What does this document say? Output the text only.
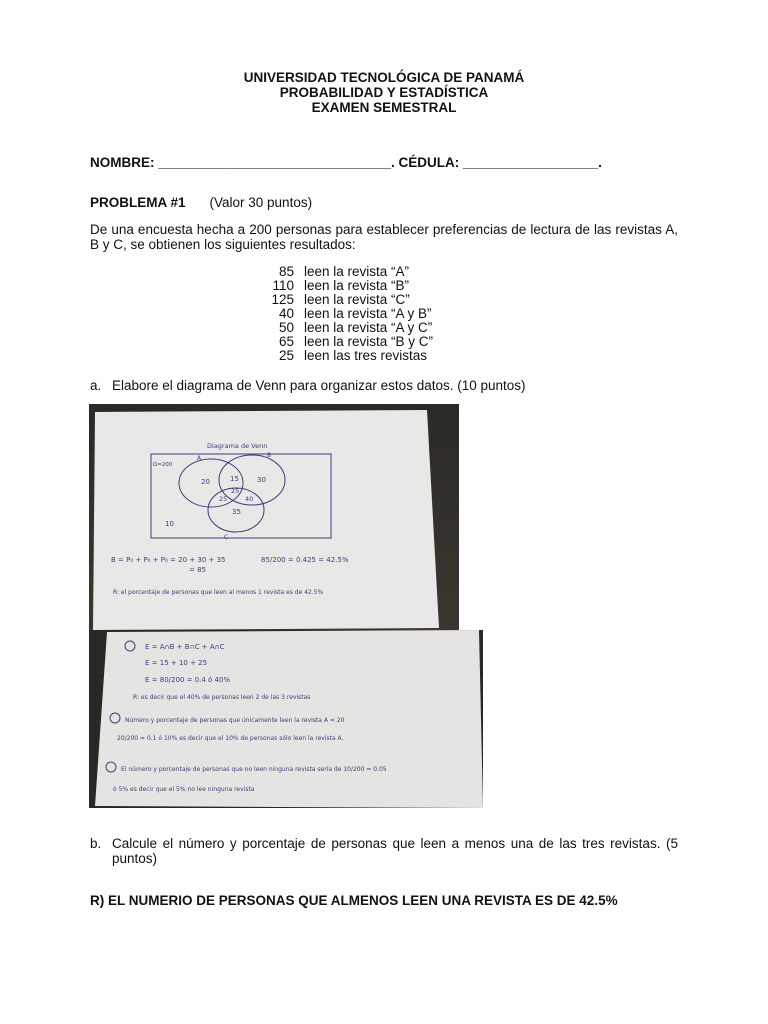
UNIVERSIDAD TECNOLÓGICA DE PANAMÁ
PROBABILIDAD Y ESTADÍSTICA
EXAMEN SEMESTRAL
NOMBRE: _______________________________. CÉDULA: __________________.
PROBLEMA #1 (Valor 30 puntos)
De una encuesta hecha a 200 personas para establecer preferencias de lectura de las revistas A, B y C, se obtienen los siguientes resultados:
85 leen la revista “A”
110 leen la revista “B”
125 leen la revista “C”
40 leen la revista “A y B”
50 leen la revista “A y C”
65 leen la revista “B y C”
25 leen las tres revistas
a. Elabore el diagrama de Venn para organizar estos datos. (10 puntos)
Diagrama de Venn
Ω=200
A	B
C
20	15	30
25
25	40
35
10
B = P₀ + P₀ + P₀ = 20 + 30 + 35
= 85
85/200 = 0.425 = 42.5%
R: el porcentaje de personas que leen al menos 1 revista es de 42.5%
E = A∩B + B∩C + A∩C
E = 15 + 10 + 25
E = 80/200 = 0.4 ó 40%
R: es decir que el 40% de personas leen 2 de las 3 revistas
Número y porcentaje de personas que únicamente leen la revista A = 20
20/200 = 0.1 ó 10% es decir que el 10% de personas sólo leen la revista A.
El número y porcentaje de personas que no leen ninguna revista sería de 10/200 = 0.05
ó 5% es decir que el 5% no lee ninguna revista
b. Calcule el número y porcentaje de personas que leen a menos una de las tres revistas. (5 puntos)
R) EL NUMERIO DE PERSONAS QUE ALMENOS LEEN UNA REVISTA ES DE 42.5%
